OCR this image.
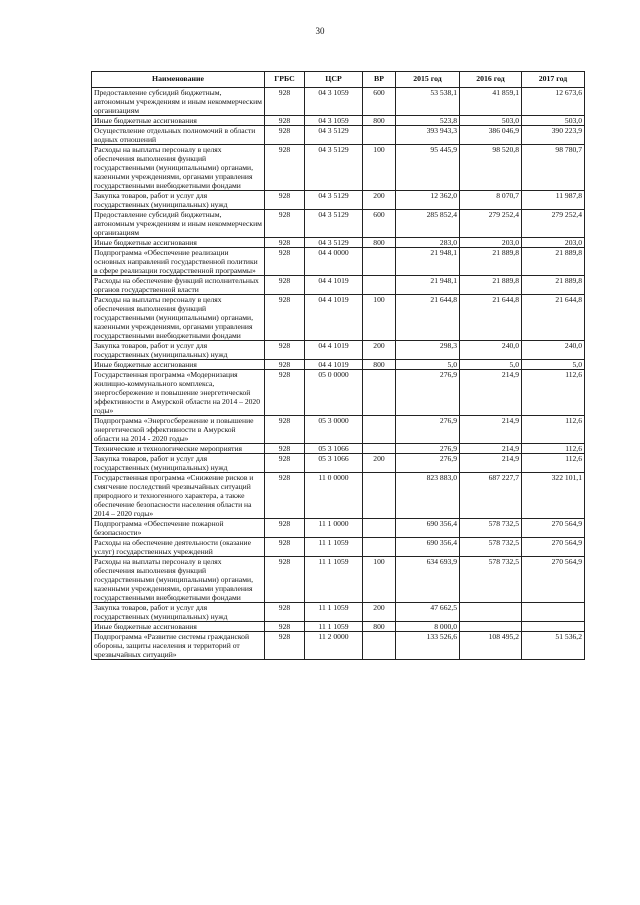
30
Наименование	ГРБС	ЦСР	ВР	2015 год	2016 год	2017 год
Предоставление субсидий бюджетным, автономным учреждениям и иным некоммерческим организациям	928	04 3 1059	600	53 538,1	41 859,1	12 673,6
Иные бюджетные ассигнования	928	04 3 1059	800	523,8	503,0	503,0
Осуществление отдельных полномочий в области водных отношений	928	04 3 5129		393 943,3	386 046,9	390 223,9
Расходы на выплаты персоналу в целях обеспечения выполнения функций государственными (муниципальными) органами, казенными учреждениями, органами управления государственными внебюджетными фондами	928	04 3 5129	100	95 445,9	98 520,8	98 780,7
Закупка товаров, работ и услуг для государственных (муниципальных) нужд	928	04 3 5129	200	12 362,0	8 070,7	11 987,8
Предоставление субсидий бюджетным, автономным учреждениям и иным некоммерческим организациям	928	04 3 5129	600	285 852,4	279 252,4	279 252,4
Иные бюджетные ассигнования	928	04 3 5129	800	283,0	203,0	203,0
Подпрограмма «Обеспечение реализации основных направлений государственной политики в сфере реализации государственной программы»	928	04 4 0000		21 948,1	21 889,8	21 889,8
Расходы на обеспечение функций исполнительных органов государственной власти	928	04 4 1019		21 948,1	21 889,8	21 889,8
Расходы на выплаты персоналу в целях обеспечения выполнения функций государственными (муниципальными) органами, казенными учреждениями, органами управления государственными внебюджетными фондами	928	04 4 1019	100	21 644,8	21 644,8	21 644,8
Закупка товаров, работ и услуг для государственных (муниципальных) нужд	928	04 4 1019	200	298,3	240,0	240,0
Иные бюджетные ассигнования	928	04 4 1019	800	5,0	5,0	5,0
Государственная программа «Модернизация жилищно-коммунального комплекса, энергосбережение и повышение энергетической эффективности в Амурской области на 2014 – 2020 годы»	928	05 0 0000		276,9	214,9	112,6
Подпрограмма «Энергосбережение и повышение энергетической эффективности в Амурской области на 2014 - 2020 годы»	928	05 3 0000		276,9	214,9	112,6
Технические и технологические мероприятия	928	05 3 1066		276,9	214,9	112,6
Закупка товаров, работ и услуг для государственных (муниципальных) нужд	928	05 3 1066	200	276,9	214,9	112,6
Государственная программа «Снижение рисков и смягчение последствий чрезвычайных ситуаций природного и техногенного характера, а также обеспечение безопасности населения области на 2014 – 2020 годы»	928	11 0 0000		823 883,0	687 227,7	322 101,1
Подпрограмма «Обеспечение пожарной безопасности»	928	11 1 0000		690 356,4	578 732,5	270 564,9
Расходы на обеспечение деятельности (оказание услуг) государственных учреждений	928	11 1 1059		690 356,4	578 732,5	270 564,9
Расходы на выплаты персоналу в целях обеспечения выполнения функций государственными (муниципальными) органами, казенными учреждениями, органами управления государственными внебюджетными фондами	928	11 1 1059	100	634 693,9	578 732,5	270 564,9
Закупка товаров, работ и услуг для государственных (муниципальных) нужд	928	11 1 1059	200	47 662,5		
Иные бюджетные ассигнования	928	11 1 1059	800	8 000,0		
Подпрограмма «Развитие системы гражданской обороны, защиты населения и территорий от чрезвычайных ситуаций»	928	11 2 0000		133 526,6	108 495,2	51 536,2
